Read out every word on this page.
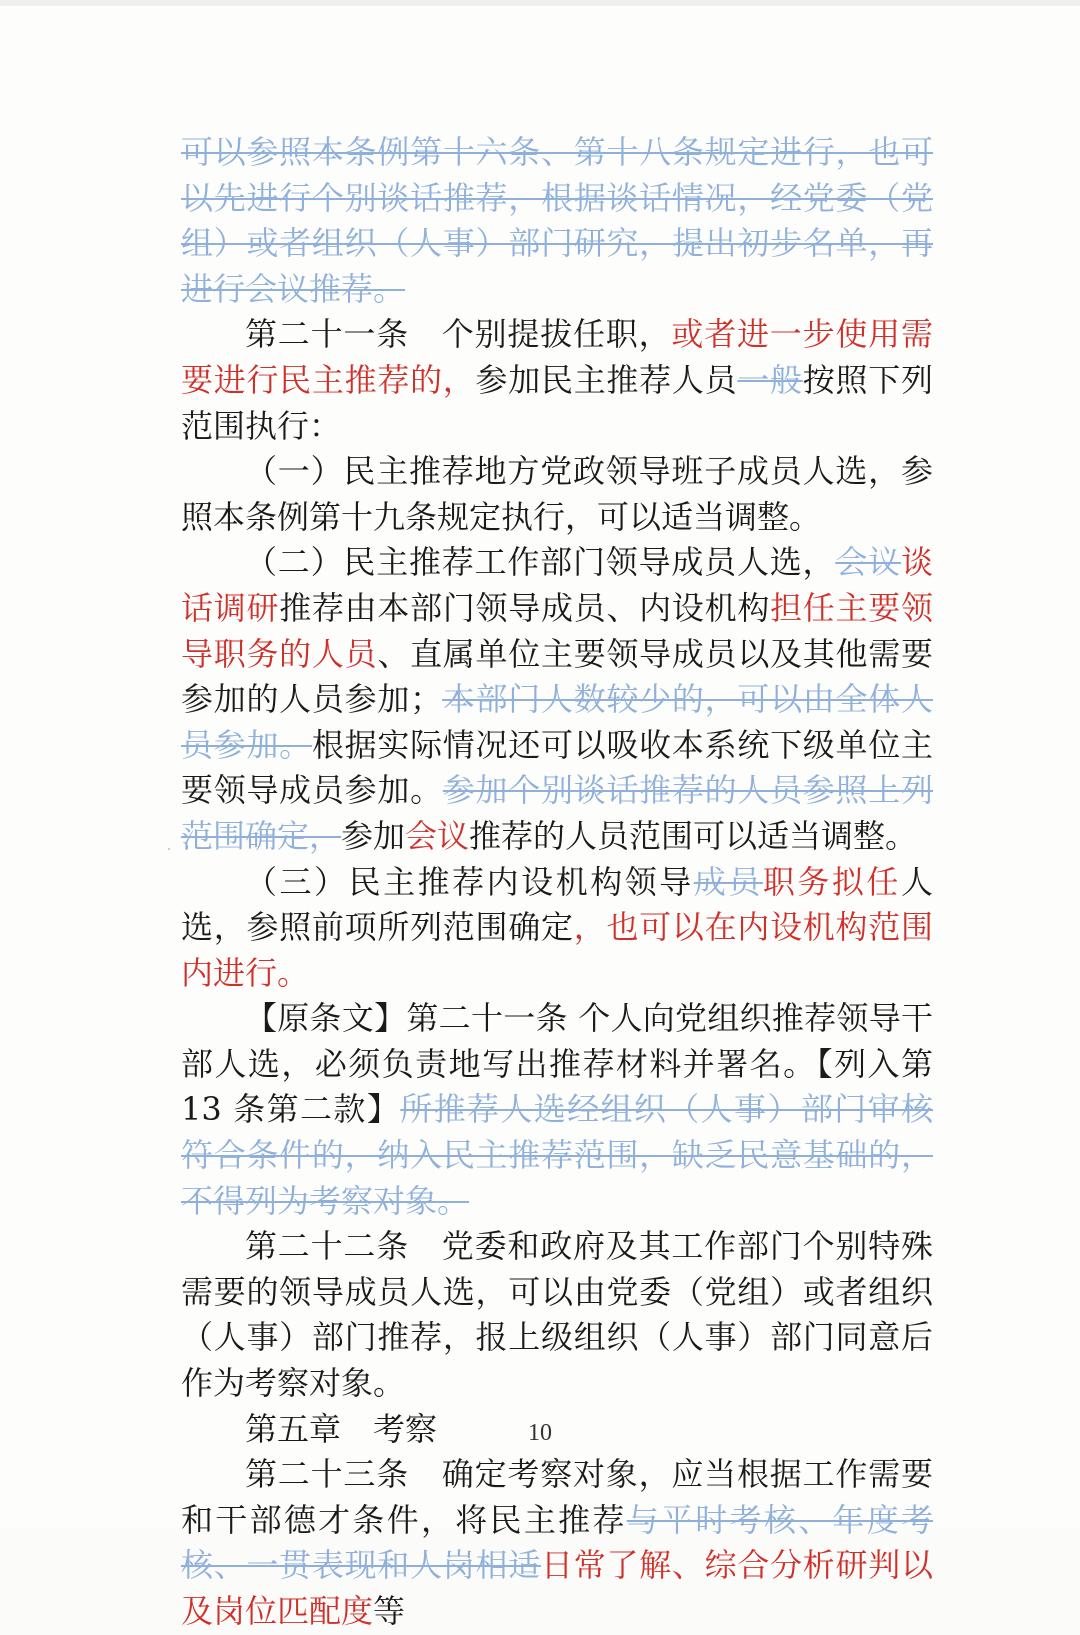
可以参照本条例第十六条、第十八条规定进行，也可以先进行个别谈话推荐，根据谈话情况，经党委（党组）或者组织（人事）部门研究，提出初步名单，再进行会议推荐。

第二十一条 个别提拔任职，或者进一步使用需要进行民主推荐的，参加民主推荐人员一般按照下列范围执行：

（一）民主推荐地方党政领导班子成员人选，参照本条例第十九条规定执行，可以适当调整。

（二）民主推荐工作部门领导成员人选，会议谈话调研推荐由本部门领导成员、内设机构担任主要领导职务的人员、直属单位主要领导成员以及其他需要参加的人员参加；本部门人数较少的，可以由全体人员参加。根据实际情况还可以吸收本系统下级单位主要领导成员参加。参加个别谈话推荐的人员参照上列范围确定，参加会议推荐的人员范围可以适当调整。

（三）民主推荐内设机构领导成员职务拟任人选，参照前项所列范围确定，也可以在内设机构范围内进行。

【原条文】第二十一条 个人向党组织推荐领导干部人选，必须负责地写出推荐材料并署名。【列入第 13 条第二款】所推荐人选经组织（人事）部门审核符合条件的，纳入民主推荐范围，缺乏民意基础的，不得列为考察对象。

第二十二条 党委和政府及其工作部门个别特殊需要的领导成员人选，可以由党委（党组）或者组织（人事）部门推荐，报上级组织（人事）部门同意后作为考察对象。

第五章 考察

第二十三条 确定考察对象，应当根据工作需要和干部德才条件，将民主推荐与平时考核、年度考核、一贯表现和人岗相适日常了解、综合分析研判以及岗位匹配度等

10
